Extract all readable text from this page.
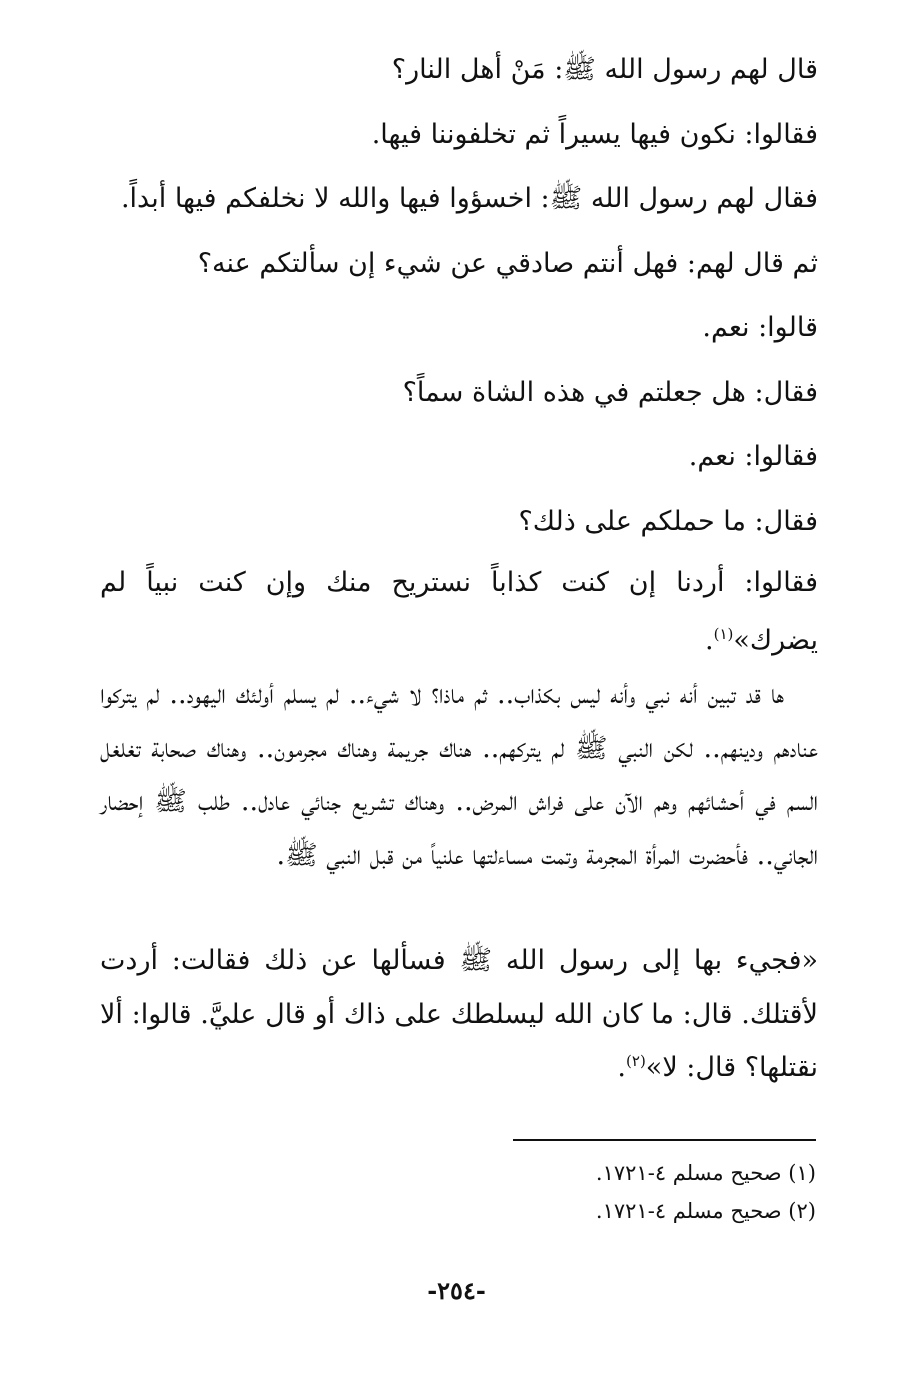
قال لهم رسول الله ﷺ: مَنْ أهل النار؟

فقالوا: نكون فيها يسيراً ثم تخلفوننا فيها.

فقال لهم رسول الله ﷺ: اخسؤوا فيها والله لا نخلفكم فيها أبداً.

ثم قال لهم: فهل أنتم صادقي عن شيء إن سألتكم عنه؟

قالوا: نعم.

فقال: هل جعلتم في هذه الشاة سماً؟

فقالوا: نعم.

فقال: ما حملكم على ذلك؟

فقالوا: أردنا إن كنت كذاباً نستريح منك وإن كنت نبياً لم يضرك»$^{(١)}$.

ها قد تبين أنه نبي وأنه ليس بكذاب.. ثم ماذا؟ لا شيء.. لم يسلم أولئك اليهود.. لم يتركوا عنادهم ودينهم.. لكن النبي ﷺ لم يتركهم.. هناك جريمة وهناك مجرمون.. وهناك صحابة تغلغل السم في أحشائهم وهم الآن على فراش المرض.. وهناك تشريع جنائي عادل.. طلب ﷺ إحضار الجاني.. فأحضرت المرأة المجرمة وتمت مساءلتها علنياً من قبل النبي ﷺ.

«فجيء بها إلى رسول الله ﷺ فسألها عن ذلك فقالت: أردت لأقتلك. قال: ما كان الله ليسلطك على ذاك أو قال عليَّ. قالوا: ألا نقتلها؟ قال: لا»$^{(٢)}$.

(١) صحيح مسلم ٤-١٧٢١.

(٢) صحيح مسلم ٤-١٧٢١.

-٢٥٤-
